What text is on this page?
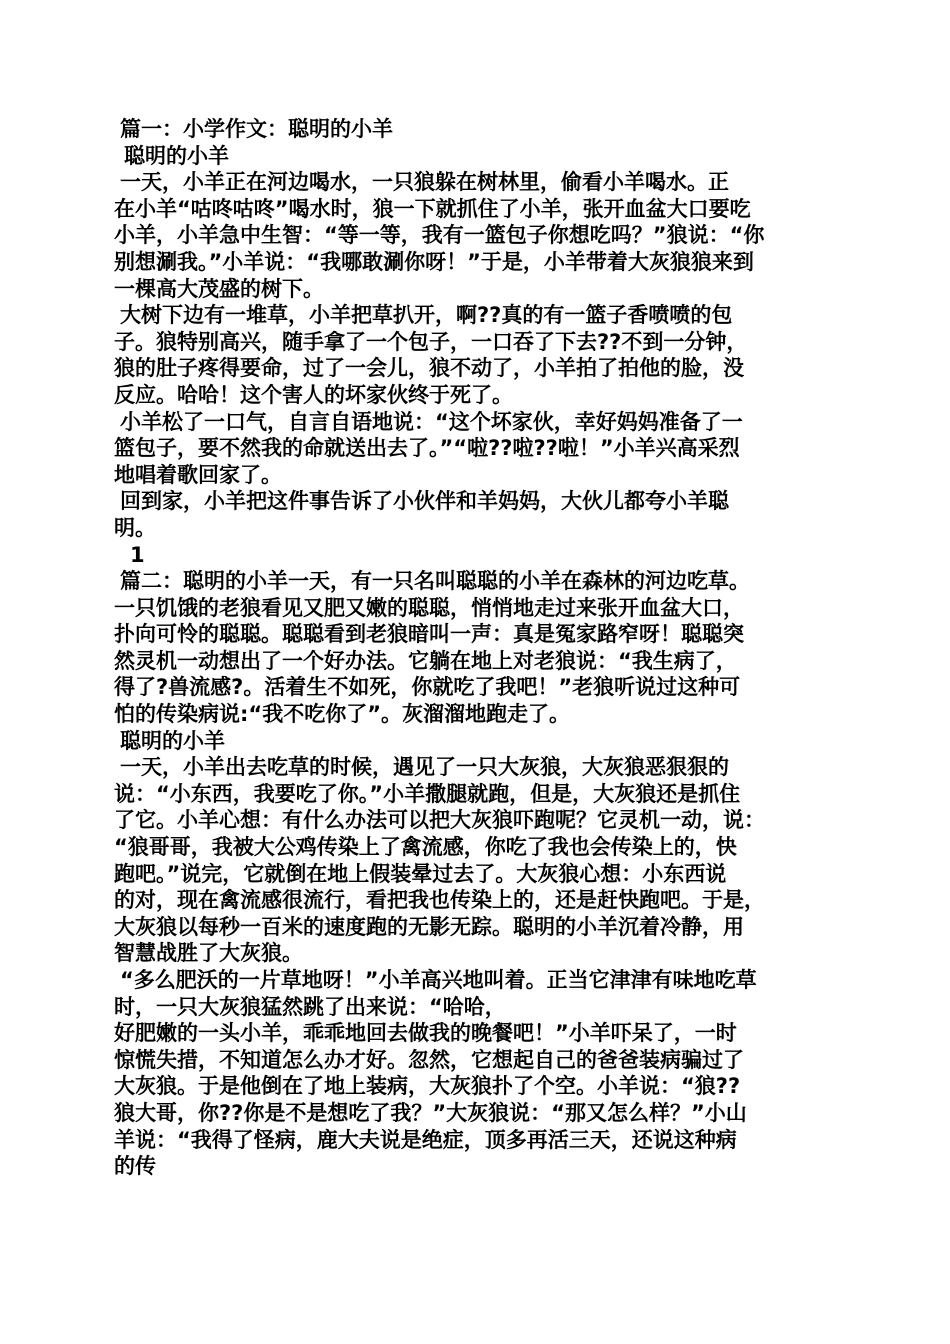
篇一：小学作文：聪明的小羊
聪明的小羊
一天，小羊正在河边喝水，一只狼躲在树林里，偷看小羊喝水。正
在小羊“咕咚咕咚”喝水时，狼一下就抓住了小羊，张开血盆大口要吃
小羊，小羊急中生智：“等一等，我有一篮包子你想吃吗？”狼说：“你
别想涮我。”小羊说：“我哪敢涮你呀！”于是，小羊带着大灰狼狼来到
一棵高大茂盛的树下。
大树下边有一堆草，小羊把草扒开，啊??真的有一篮子香喷喷的包
子。狼特别高兴，随手拿了一个包子，一口吞了下去??不到一分钟，
狼的肚子疼得要命，过了一会儿，狼不动了，小羊拍了拍他的脸，没
反应。哈哈！这个害人的坏家伙终于死了。
小羊松了一口气，自言自语地说：“这个坏家伙，幸好妈妈准备了一
篮包子，要不然我的命就送出去了。”“啦??啦??啦！”小羊兴高采烈
地唱着歌回家了。
回到家，小羊把这件事告诉了小伙伴和羊妈妈，大伙儿都夸小羊聪
明。
1
篇二：聪明的小羊一天，有一只名叫聪聪的小羊在森林的河边吃草。
一只饥饿的老狼看见又肥又嫩的聪聪，悄悄地走过来张开血盆大口，
扑向可怜的聪聪。聪聪看到老狼暗叫一声：真是冤家路窄呀！聪聪突
然灵机一动想出了一个好办法。它躺在地上对老狼说：“我生病了，
得了?兽流感?。活着生不如死，你就吃了我吧！”老狼听说过这种可
怕的传染病说:“我不吃你了”。灰溜溜地跑走了。
聪明的小羊
一天，小羊出去吃草的时候，遇见了一只大灰狼，大灰狼恶狠狠的
说：“小东西，我要吃了你。”小羊撒腿就跑，但是，大灰狼还是抓住
了它。小羊心想：有什么办法可以把大灰狼吓跑呢？它灵机一动，说：
“狼哥哥，我被大公鸡传染上了禽流感，你吃了我也会传染上的，快
跑吧。”说完，它就倒在地上假装晕过去了。大灰狼心想：小东西说
的对，现在禽流感很流行，看把我也传染上的，还是赶快跑吧。于是，
大灰狼以每秒一百米的速度跑的无影无踪。聪明的小羊沉着冷静，用
智慧战胜了大灰狼。
“多么肥沃的一片草地呀！”小羊高兴地叫着。正当它津津有味地吃草
时，一只大灰狼猛然跳了出来说：“哈哈，
好肥嫩的一头小羊，乖乖地回去做我的晚餐吧！”小羊吓呆了，一时
惊慌失措，不知道怎么办才好。忽然，它想起自己的爸爸装病骗过了
大灰狼。于是他倒在了地上装病，大灰狼扑了个空。小羊说：“狼??
狼大哥，你??你是不是想吃了我？”大灰狼说：“那又怎么样？”小山
羊说：“我得了怪病，鹿大夫说是绝症，顶多再活三天，还说这种病
的传
